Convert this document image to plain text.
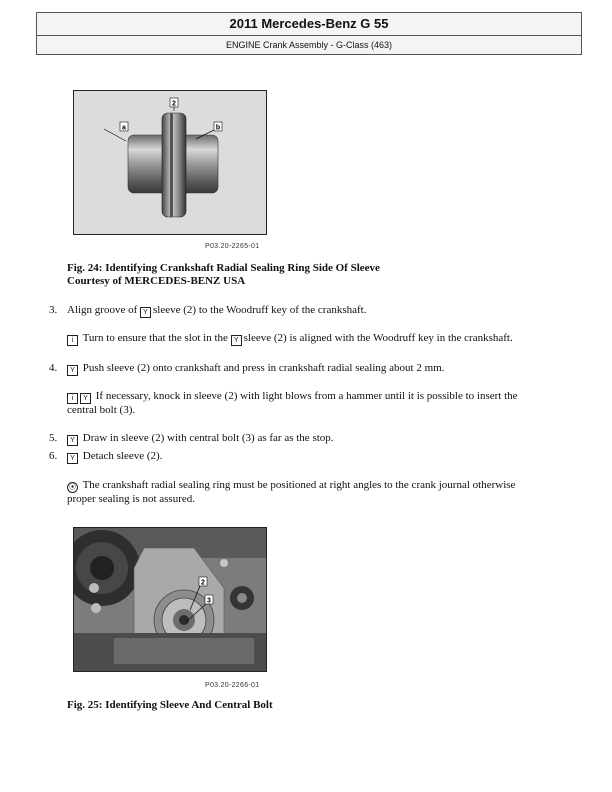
2011 Mercedes-Benz G 55
ENGINE Crank Assembly - G-Class (463)
a
2
b
P03.20-2265-01
Fig. 24: Identifying Crankshaft Radial Sealing Ring Side Of Sleeve
Courtesy of MERCEDES-BENZ USA
3. Align groove of Y sleeve (2) to the Woodruff key of the crankshaft.
i Turn to ensure that the slot in the Y sleeve (2) is aligned with the Woodruff key in the crankshaft.
4.	Y Push sleeve (2) onto crankshaft and press in crankshaft radial sealing about 2 mm.
i Y If necessary, knock in sleeve (2) with light blows from a hammer until it is possible to insert the
central bolt (3).
5.	Y Draw in sleeve (2) with central bolt (3) as far as the stop.
6.	Y Detach sleeve (2).
⦿ The crankshaft radial sealing ring must be positioned at right angles to the crank journal otherwise
proper sealing is not assured.
2
3
P03.20-2266-01
Fig. 25: Identifying Sleeve And Central Bolt
